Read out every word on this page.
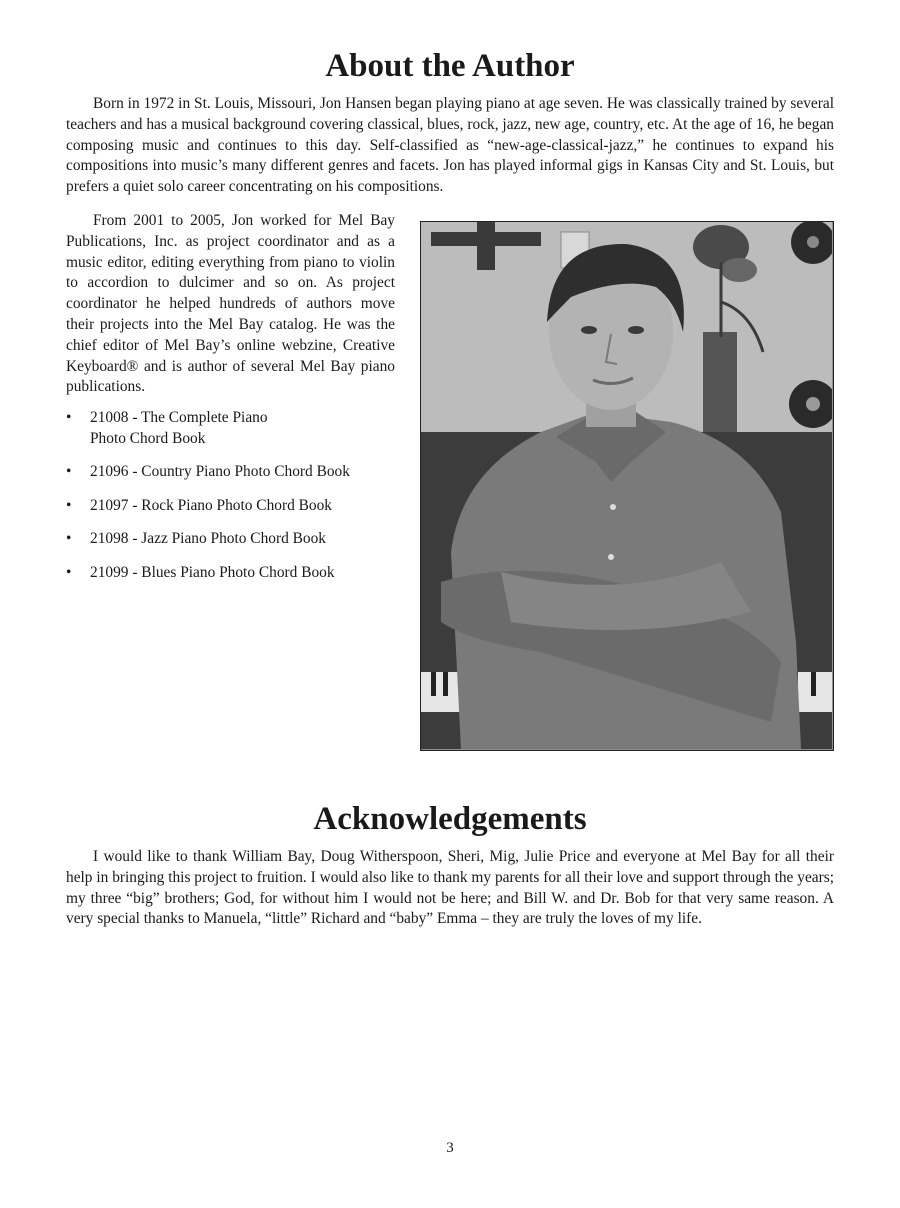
About the Author

Born in 1972 in St. Louis, Missouri, Jon Hansen began playing piano at age seven. He was classically trained by several teachers and has a musical background covering classical, blues, rock, jazz, new age, country, etc. At the age of 16, he began composing music and continues to this day. Self-classified as “new-age-classical-jazz,” he continues to expand his compositions into music’s many different genres and facets. Jon has played informal gigs in Kansas City and St. Louis, but prefers a quiet solo career concentrating on his compositions.

From 2001 to 2005, Jon worked for Mel Bay Publications, Inc. as project coordinator and as a music editor, editing everything from piano to violin to accordion to dulcimer and so on. As project coordinator he helped hundreds of authors move their projects into the Mel Bay catalog. He was the chief editor of Mel Bay’s online webzine, Creative Keyboard® and is author of several Mel Bay piano publications.

• 21008 - The Complete Piano
Photo Chord Book
• 21096 - Country Piano Photo Chord Book
• 21097 - Rock Piano Photo Chord Book
• 21098 - Jazz Piano Photo Chord Book
• 21099 - Blues Piano Photo Chord Book
Acknowledgements

I would like to thank William Bay, Doug Witherspoon, Sheri, Mig, Julie Price and everyone at Mel Bay for all their help in bringing this project to fruition. I would also like to thank my parents for all their love and support through the years; my three “big” brothers; God, for without him I would not be here; and Bill W. and Dr. Bob for that very same reason. A very special thanks to Manuela, “little” Richard and “baby” Emma – they are truly the loves of my life.

3
